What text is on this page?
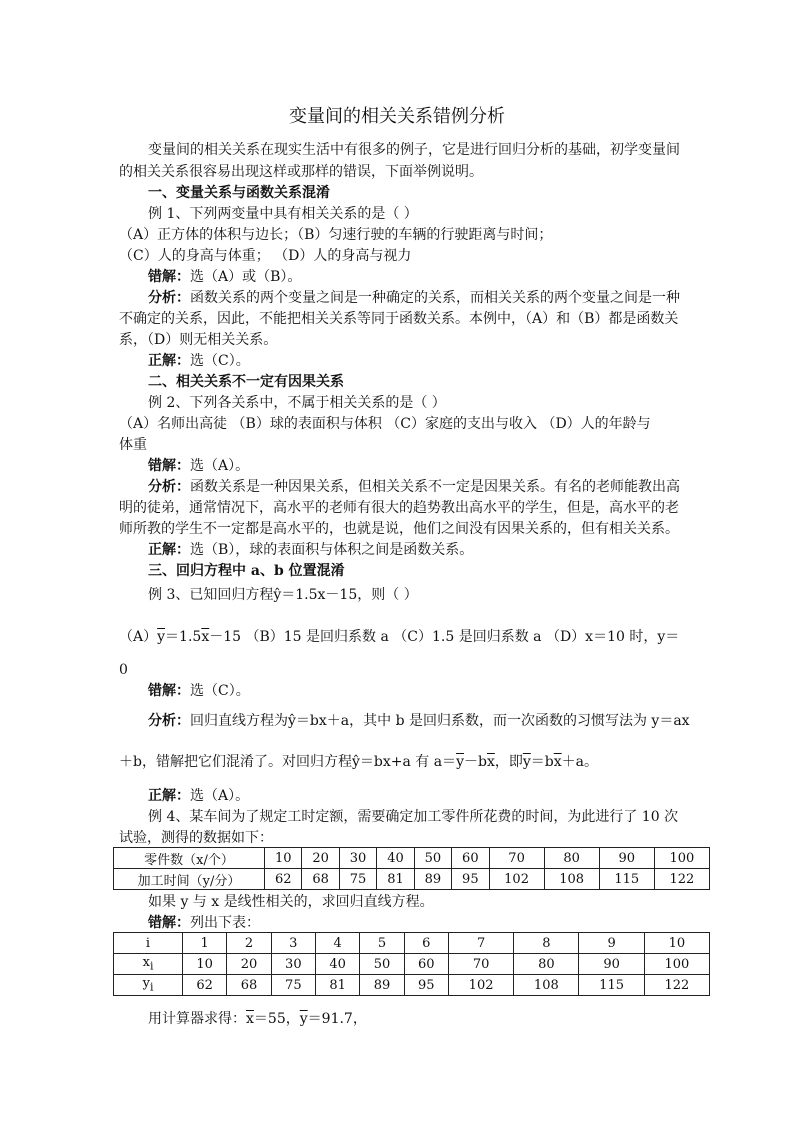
变量间的相关关系错例分析
变量间的相关关系在现实生活中有很多的例子，它是进行回归分析的基础，初学变量间
的相关关系很容易出现这样或那样的错误，下面举例说明。
一、变量关系与函数关系混淆
例 1、下列两变量中具有相关关系的是（ ）
（A）正方体的体积与边长；（B）匀速行驶的车辆的行驶距离与时间；
（C）人的身高与体重； （D）人的身高与视力
错解：选（A）或（B）。
分析：函数关系的两个变量之间是一种确定的关系，而相关关系的两个变量之间是一种
不确定的关系，因此，不能把相关关系等同于函数关系。本例中，（A）和（B）都是函数关
系，（D）则无相关关系。
正解：选（C）。
二、相关关系不一定有因果关系
例 2、下列各关系中，不属于相关关系的是（ ）
（A）名师出高徒 （B）球的表面积与体积 （C）家庭的支出与收入 （D）人的年龄与
体重
错解：选（A）。
分析：函数关系是一种因果关系，但相关关系不一定是因果关系。有名的老师能教出高
明的徒弟，通常情况下，高水平的老师有很大的趋势教出高水平的学生，但是，高水平的老
师所教的学生不一定都是高水平的，也就是说，他们之间没有因果关系的，但有相关关系。
正解：选（B），球的表面积与体积之间是函数关系。
三、回归方程中 a、b 位置混淆
例 3、已知回归方程ŷ＝1.5x－15，则（ ）
$(A)\overline{y}=1.5\overline{x}-15$ （B）15 是回归系数 a （C）1.5 是回归系数 a （D）x＝10 时，y＝
0
错解：选（C）。
分析：回归直线方程为ŷ＝bx＋a，其中 b 是回归系数，而一次函数的习惯写法为 y＝ax
＋b，错解把它们混淆了。对回归方程ŷ＝bx+a 有 $a=\overline{y}-b\overline{x}$，即$\overline{y}=b\overline{x}+a$。
正解：选（A）。
例 4、某车间为了规定工时定额，需要确定加工零件所花费的时间，为此进行了 10 次
试验，测得的数据如下：
零件数（x/个）	10	20	30	40	50	60	70	80	90	100
加工时间（y/分）	62	68	75	81	89	95	102	108	115	122
如果 y 与 x 是线性相关的，求回归直线方程。
错解：列出下表：
i	1	2	3	4	5	6	7	8	9	10
$x_i$	10	20	30	40	50	60	70	80	90	100
$y_i$	62	68	75	81	89	95	102	108	115	122
用计算器求得：$\overline{x}=55$，$\overline{y}=91.7$，
